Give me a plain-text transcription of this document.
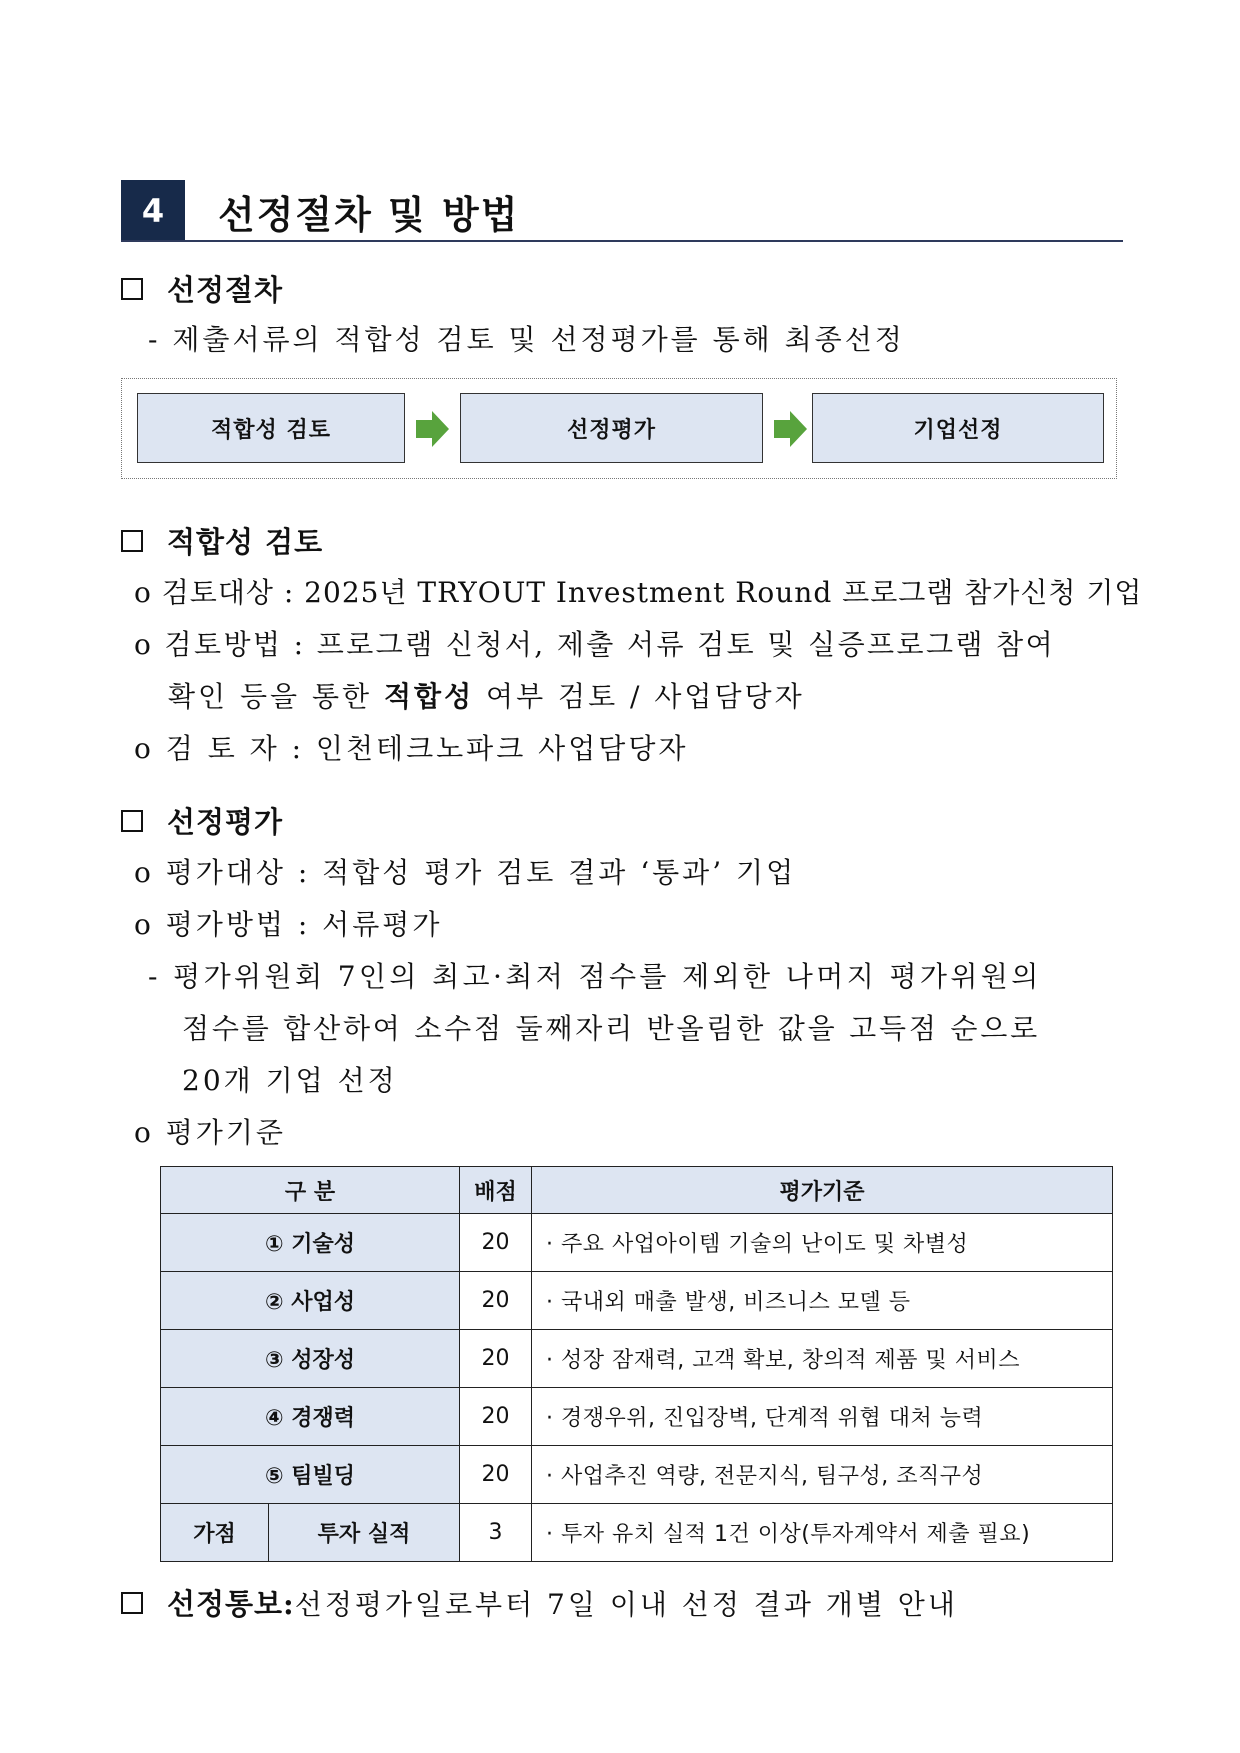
4	선정절차 및 방법
선정절차
- 제출서류의 적합성 검토 및 선정평가를 통해 최종선정
적합성 검토	선정평가	기업선정
적합성 검토
o 검토대상 : 2025년 TRYOUT Investment Round 프로그램 참가신청 기업
o 검토방법 : 프로그램 신청서, 제출 서류 검토 및 실증프로그램 참여
확인 등을 통한 적합성 여부 검토 / 사업담당자
o 검 토 자 : 인천테크노파크 사업담당자
선정평가
o 평가대상 : 적합성 평가 검토 결과 ‘통과’ 기업
o 평가방법 : 서류평가
- 평가위원회 7인의 최고·최저 점수를 제외한 나머지 평가위원의
점수를 합산하여 소수점 둘째자리 반올림한 값을 고득점 순으로
20개 기업 선정
o 평가기준
구 분		배점	평가기준
① 기술성		20	· 주요 사업아이템 기술의 난이도 및 차별성
② 사업성		20	· 국내외 매출 발생, 비즈니스 모델 등
③ 성장성		20	· 성장 잠재력, 고객 확보, 창의적 제품 및 서비스
④ 경쟁력		20	· 경쟁우위, 진입장벽, 단계적 위협 대처 능력
⑤ 팀빌딩		20	· 사업추진 역량, 전문지식, 팀구성, 조직구성
가점	투자 실적	3	· 투자 유치 실적 1건 이상(투자계약서 제출 필요)
선정통보: 선정평가일로부터 7일 이내 선정 결과 개별 안내
